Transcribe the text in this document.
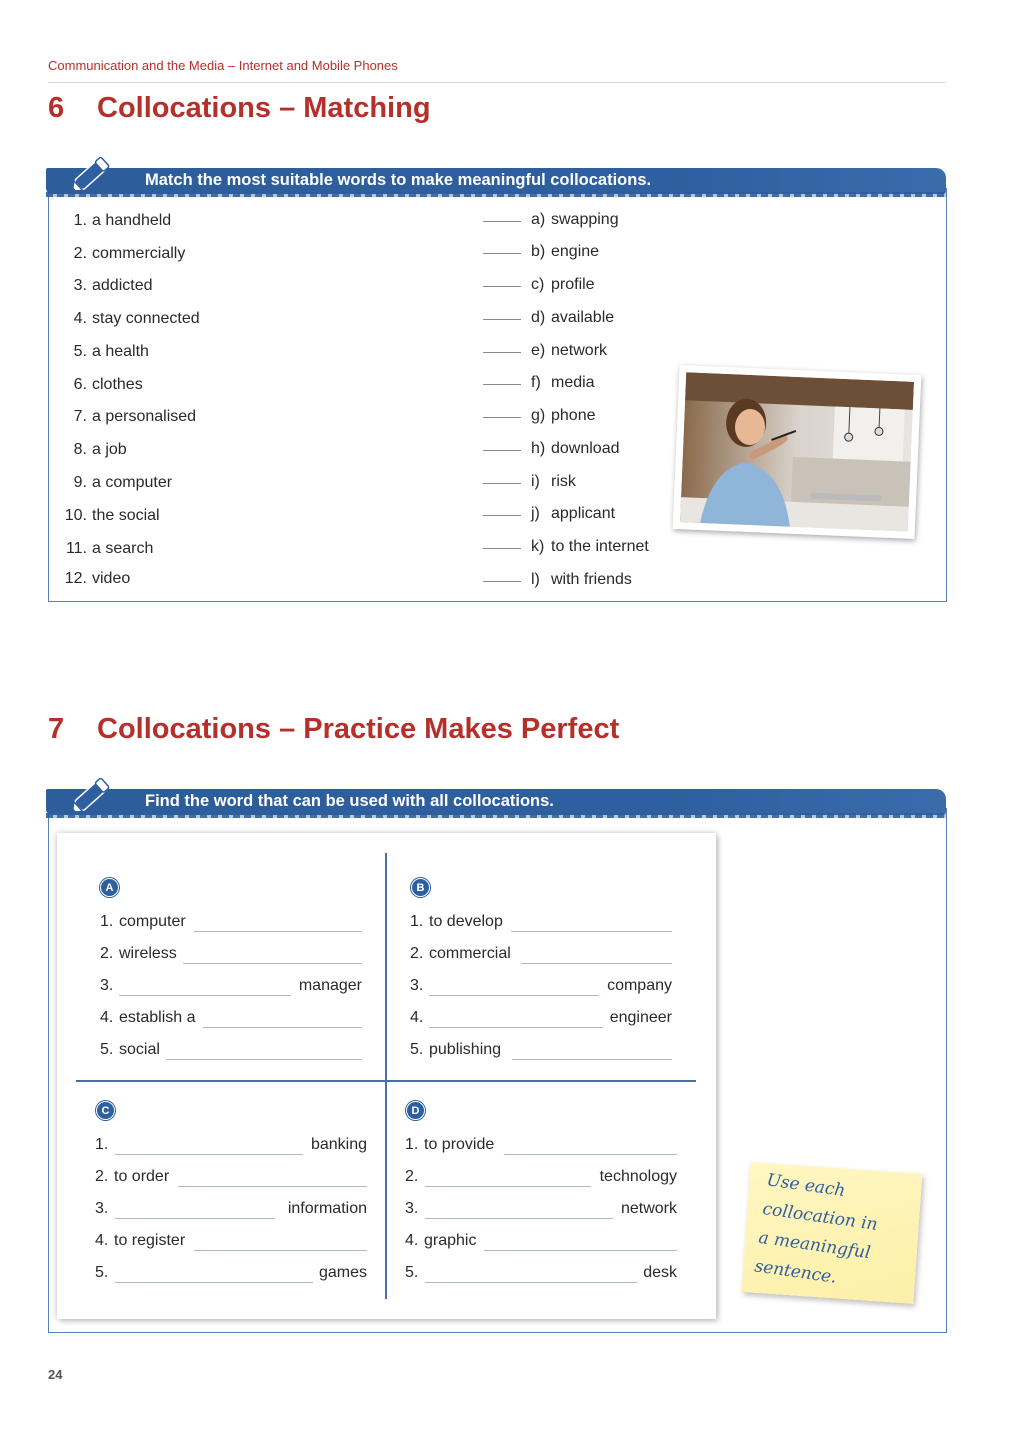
Communication and the Media – Internet and Mobile Phones
6 Collocations – Matching
Match the most suitable words to make meaningful collocations.
1. a handheld
2. commercially
3. addicted
4. stay connected
5. a health
6. clothes
7. a personalised
8. a job
9. a computer
10. the social
11. a search
12. video
a) swapping
b) engine
c) profile
d) available
e) network
f) media
g) phone
h) download
i) risk
j) applicant
k) to the internet
l) with friends
7 Collocations – Practice Makes Perfect
Find the word that can be used with all collocations.
A
1. computer
2. wireless
3.	manager
4. establish a
5. social
B
1. to develop
2. commercial
3.	company
4.	engineer
5. publishing
C
1.	banking
2. to order
3.	information
4. to register
5.	games
D
1. to provide
2.	technology
3.	network
4. graphic
5.	desk
Use each
collocation in
a meaningful
sentence.
24
